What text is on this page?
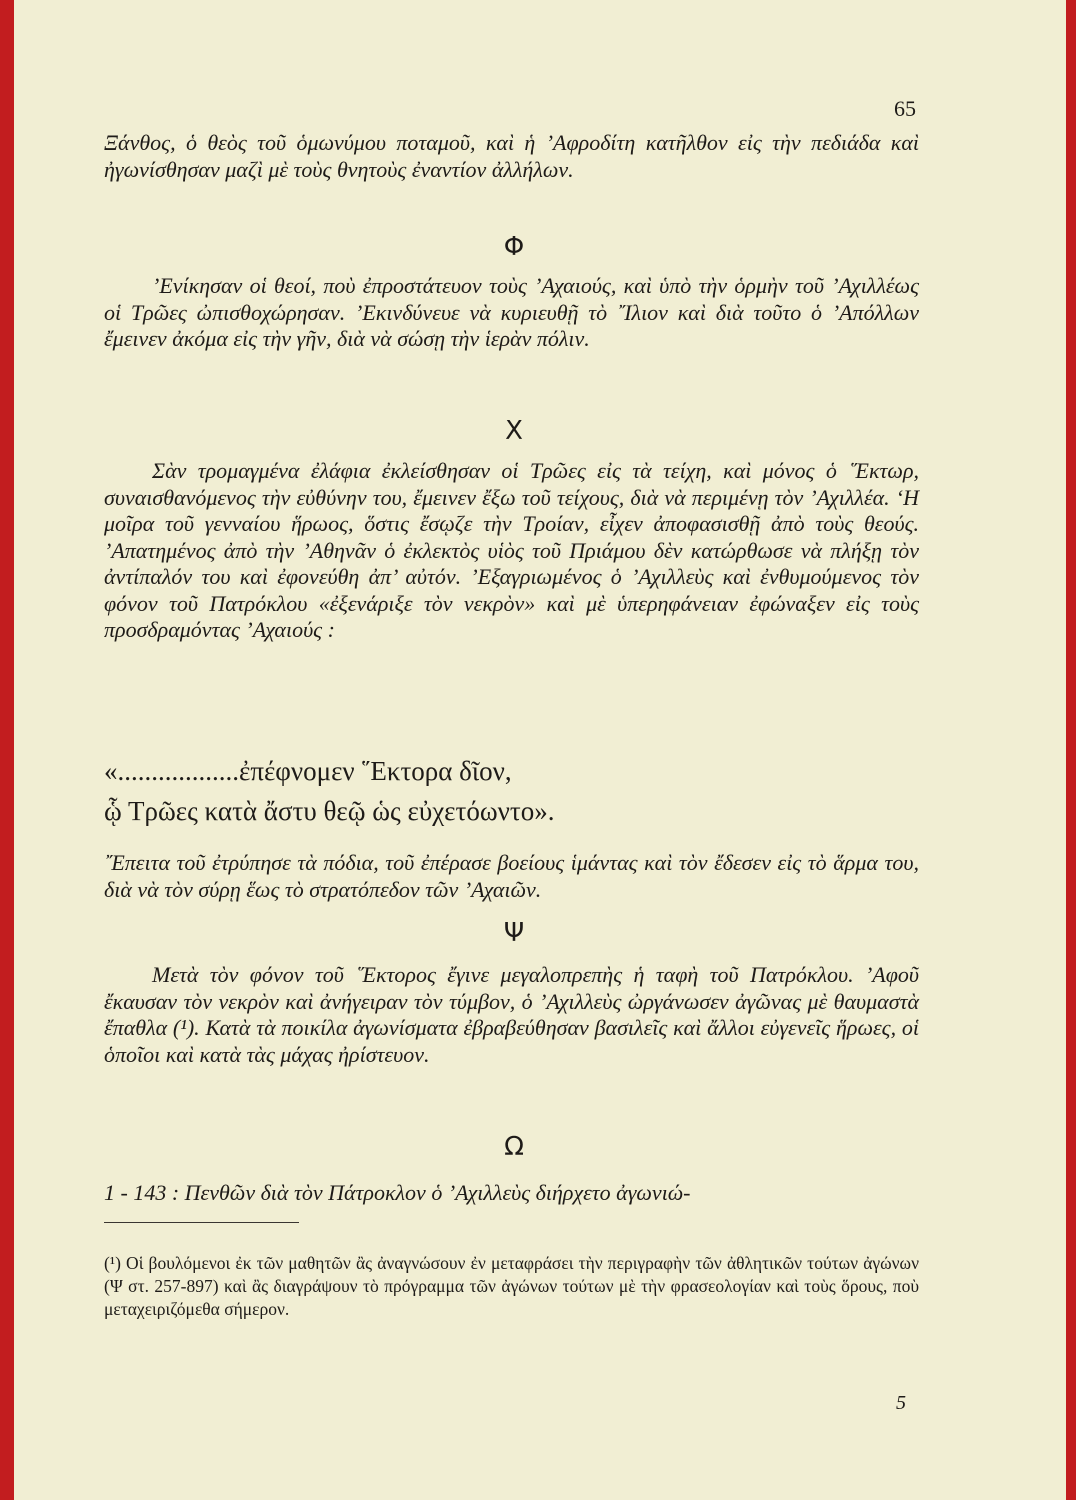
65
Ξάνθος, ὁ θεὸς τοῦ ὁμωνύμου ποταμοῦ, καὶ ἡ ’Αφροδίτη κατῆλθον εἰς τὴν πεδιάδα καὶ ἠγωνίσθησαν μαζὶ μὲ τοὺς θνητοὺς ἐναντίον ἀλλήλων.
Φ
’Ενίκησαν οἱ θεοί, ποὺ ἐπροστάτευον τοὺς ’Αχαιούς, καὶ ὑπὸ τὴν ὁρμὴν τοῦ ’Αχιλλέως οἱ Τρῶες ὠπισθοχώρησαν. ’Εκινδύνευε νὰ κυριευθῇ τὸ ῎Ιλιον καὶ διὰ τοῦτο ὁ ’Απόλλων ἔμεινεν ἀκόμα εἰς τὴν γῆν, διὰ νὰ σώσῃ τὴν ἱερὰν πόλιν.
Χ
Σὰν τρομαγμένα ἐλάφια ἐκλείσθησαν οἱ Τρῶες εἰς τὰ τείχη, καὶ μόνος ὁ ῞Εκτωρ, συναισθανόμενος τὴν εὐθύνην του, ἔμεινεν ἔξω τοῦ τείχους, διὰ νὰ περιμένῃ τὸν ’Αχιλλέα. ‘Η μοῖρα τοῦ γενναίου ἥρωος, ὅστις ἔσῳζε τὴν Τροίαν, εἶχεν ἀποφασισθῇ ἀπὸ τοὺς θεούς. ’Απατημένος ἀπὸ τὴν ’Αθηνᾶν ὁ ἐκλεκτὸς υἱὸς τοῦ Πριάμου δὲν κατώρθωσε νὰ πλήξῃ τὸν ἀντίπαλόν του καὶ ἐφονεύθη ἀπ’ αὐτόν. ’Εξαγριωμένος ὁ ’Αχιλλεὺς καὶ ἐνθυμούμενος τὸν φόνον τοῦ Πατρόκλου «ἐξενάριξε τὸν νεκρὸν» καὶ μὲ ὑπερηφάνειαν ἐφώναξεν εἰς τοὺς προσδραμόντας ’Αχαιούς :
«..................ἐπέφνομεν ῞Εκτορα δῖον,
ᾧ Τρῶες κατὰ ἄστυ θεῷ ὡς εὐχετόωντο».
῎Επειτα τοῦ ἐτρύπησε τὰ πόδια, τοῦ ἐπέρασε βοείους ἱμάντας καὶ τὸν ἔδεσεν εἰς τὸ ἅρμα του, διὰ νὰ τὸν σύρῃ ἕως τὸ στρατόπεδον τῶν ’Αχαιῶν.
Ψ
Μετὰ τὸν φόνον τοῦ ῞Εκτορος ἔγινε μεγαλοπρεπὴς ἡ ταφὴ τοῦ Πατρόκλου. ’Αφοῦ ἔκαυσαν τὸν νεκρὸν καὶ ἀνήγειραν τὸν τύμβον, ὁ ’Αχιλλεὺς ὠργάνωσεν ἀγῶνας μὲ θαυμαστὰ ἔπαθλα (¹). Κατὰ τὰ ποικίλα ἀγωνίσματα ἐβραβεύθησαν βασιλεῖς καὶ ἄλλοι εὐγενεῖς ἥρωες, οἱ ὁποῖοι καὶ κατὰ τὰς μάχας ἠρίστευον.
Ω
1 - 143 : Πενθῶν διὰ τὸν Πάτροκλον ὁ ’Αχιλλεὺς διήρχετο ἀγωνιώ-
(¹) Οἱ βουλόμενοι ἐκ τῶν μαθητῶν ἂς ἀναγνώσουν ἐν μεταφράσει τὴν περιγραφὴν τῶν ἀθλητικῶν τούτων ἀγώνων (Ψ στ. 257-897) καὶ ἂς διαγράψουν τὸ πρόγραμμα τῶν ἀγώνων τούτων μὲ τὴν φρασεολογίαν καὶ τοὺς ὅρους, ποὺ μεταχειριζόμεθα σήμερον.
5
